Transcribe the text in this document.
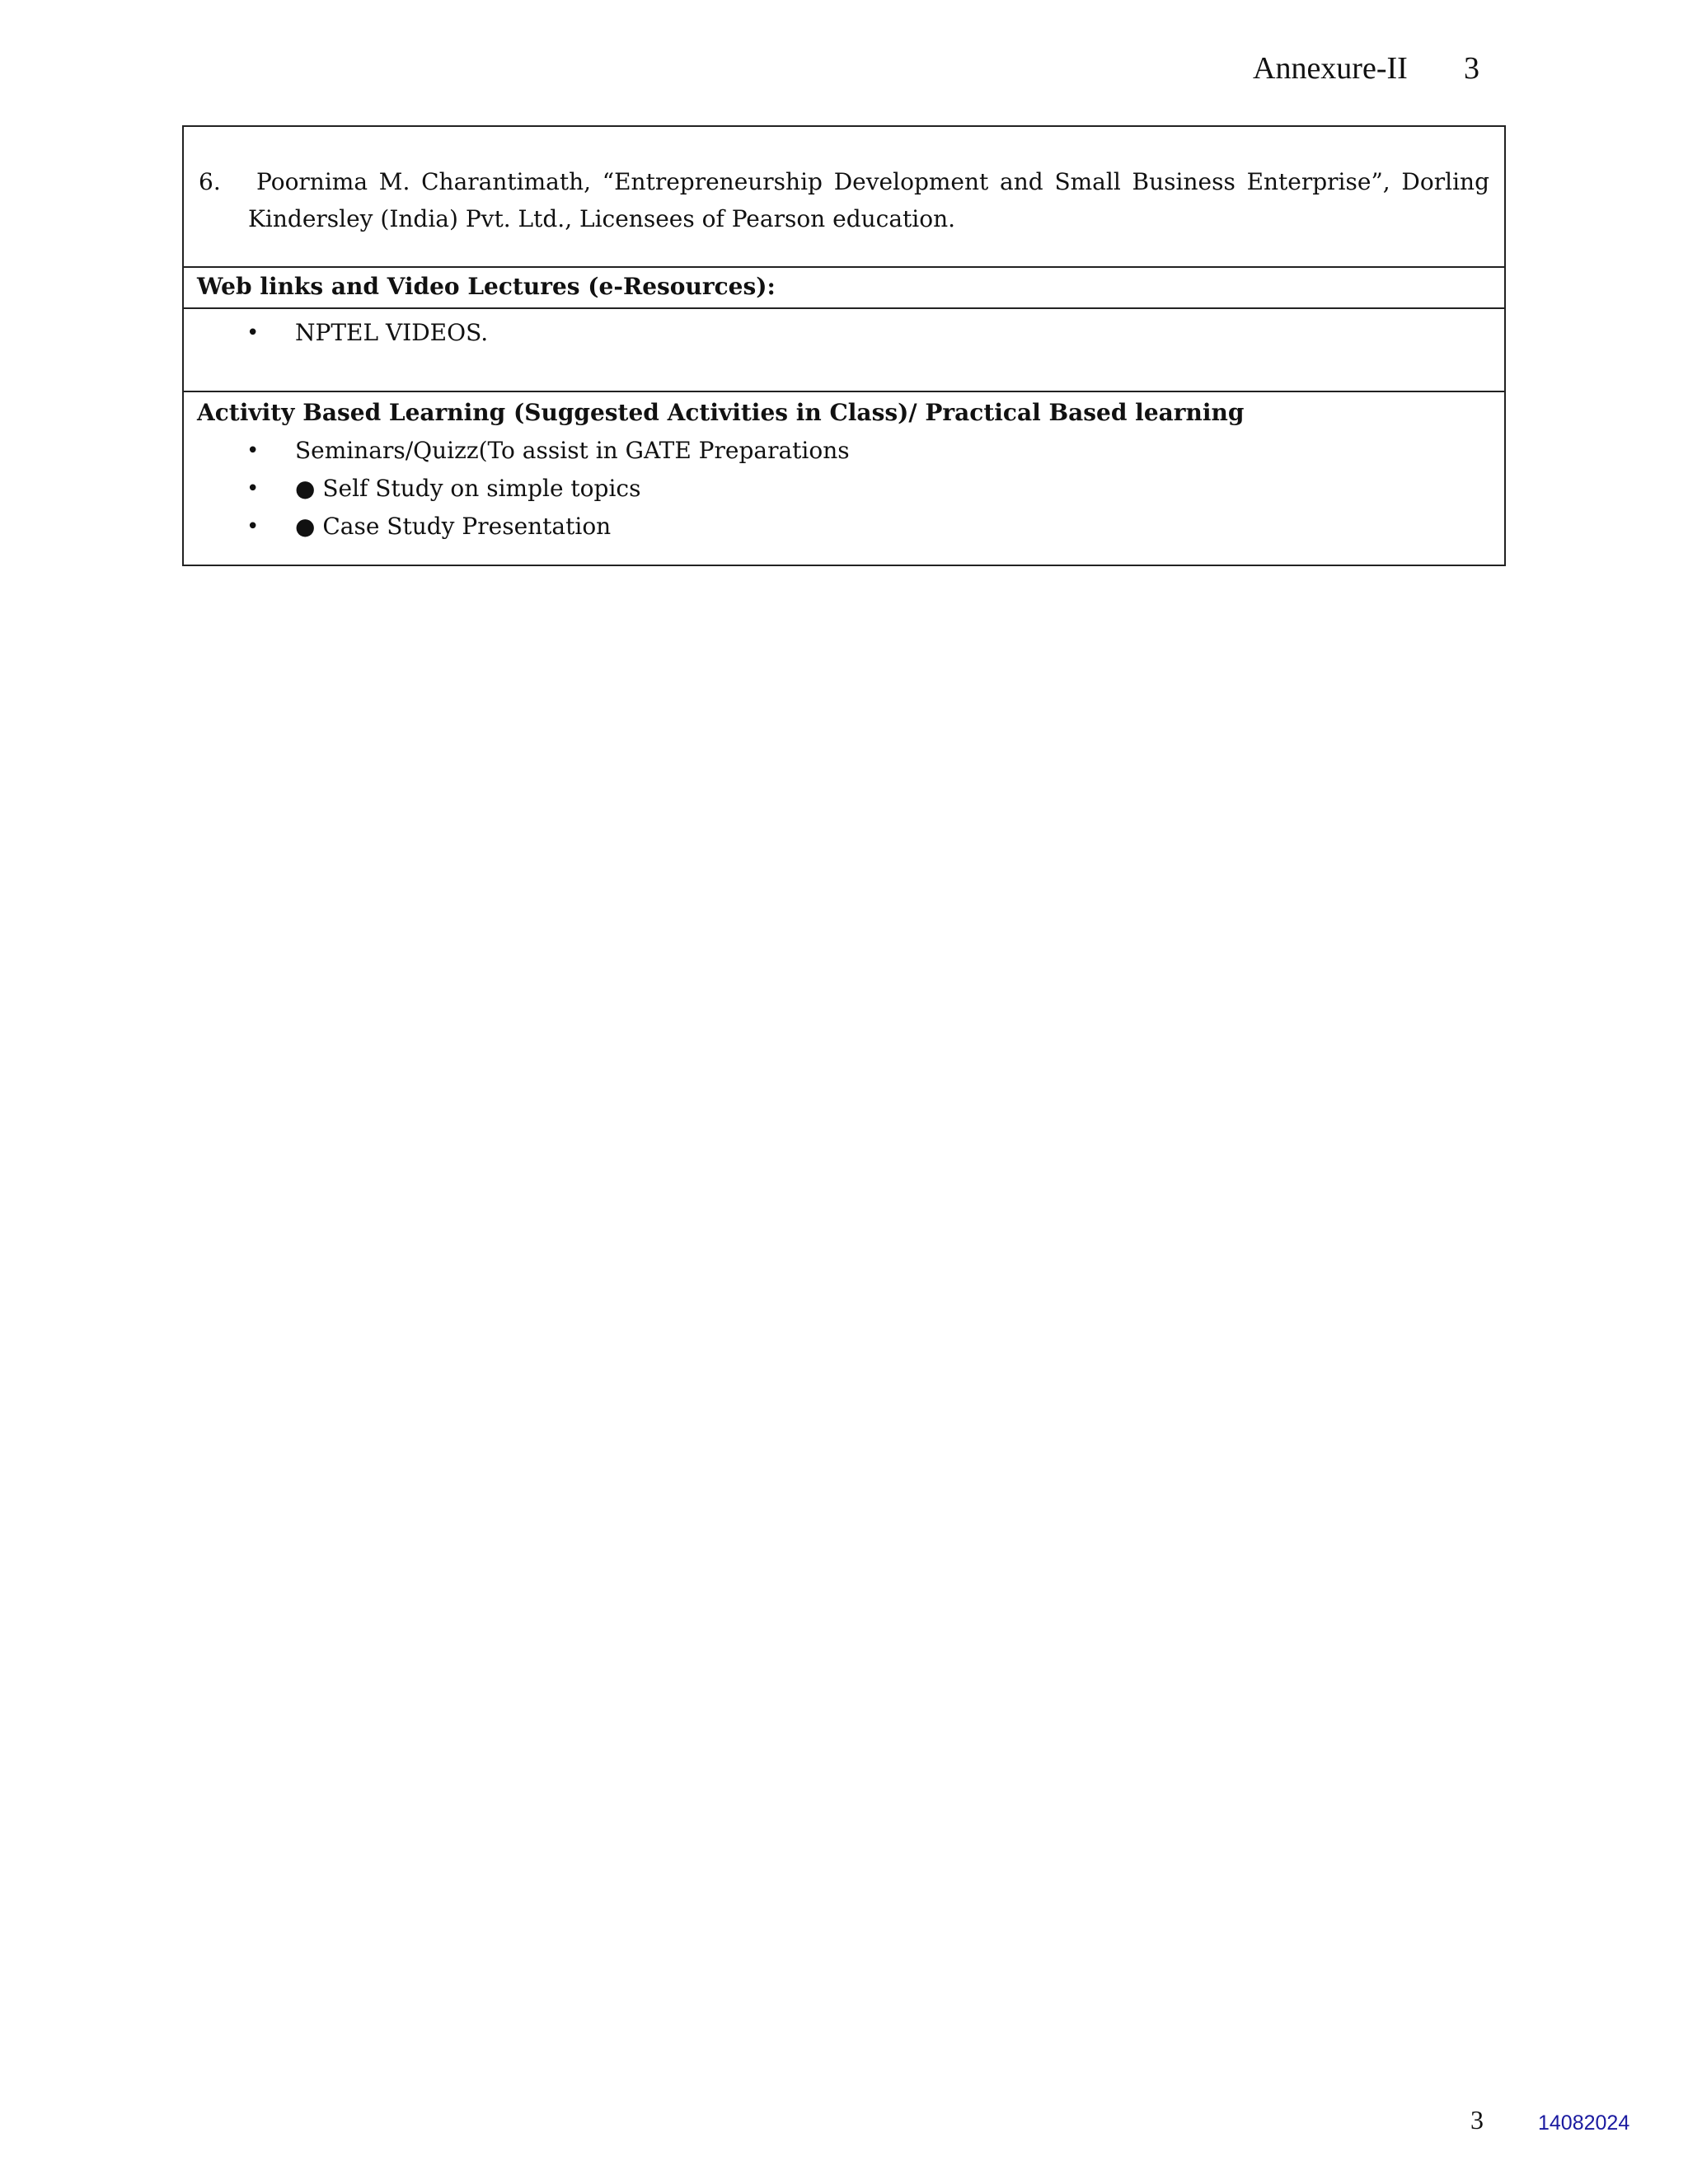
Annexure-II 3
6.	Poornima M. Charantimath, “Entrepreneurship Development and Small Business Enterprise”, Dorling
Kindersley (India) Pvt. Ltd., Licensees of Pearson education.
Web links and Video Lectures (e-Resources):
• NPTEL VIDEOS.
Activity Based Learning (Suggested Activities in Class)/ Practical Based learning
• Seminars/Quizz(To assist in GATE Preparations
• ● Self Study on simple topics
• ● Case Study Presentation
3	14082024
